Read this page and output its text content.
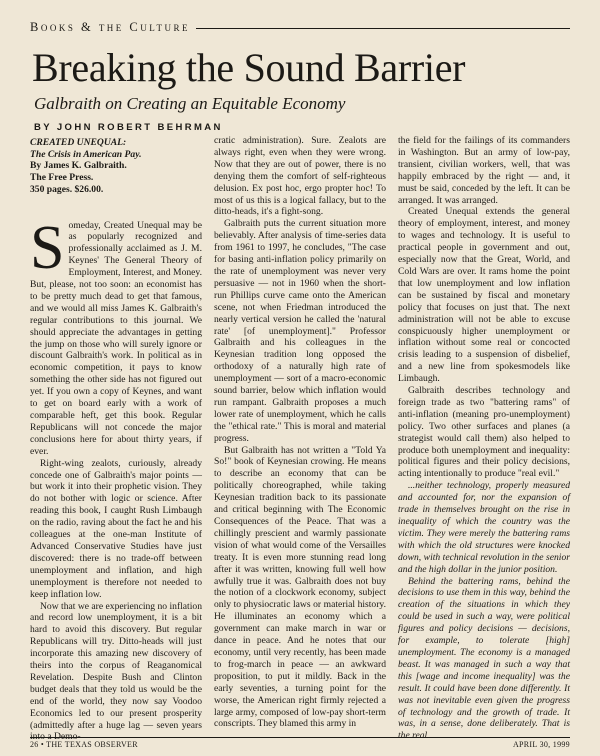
Books & the Culture
Breaking the Sound Barrier
Galbraith on Creating an Equitable Economy
BY JOHN ROBERT BEHRMAN
CREATED UNEQUAL:
The Crisis in American Pay.
By James K. Galbraith.
The Free Press.
350 pages. $26.00.
S omeday, Created Unequal may be as popularly recognized and professionally acclaimed as J. M. Keynes' The General Theory of Employment, Interest, and Money. But, please, not too soon: an economist has to be pretty much dead to get that famous, and we would all miss James K. Galbraith's regular contributions to this journal. We should appreciate the advantages in getting the jump on those who will surely ignore or discount Galbraith's work. In political as in economic competition, it pays to know something the other side has not figured out yet. If you own a copy of Keynes, and want to get on board early with a work of comparable heft, get this book. Regular Republicans will not concede the major conclusions here for about thirty years, if ever.

Right-wing zealots, curiously, already concede one of Galbraith's major points — but work it into their prophetic vision. They do not bother with logic or science. After reading this book, I caught Rush Limbaugh on the radio, raving about the fact he and his colleagues at the one-man Institute of Advanced Conservative Studies have just discovered: there is no trade-off between unemployment and inflation, and high unemployment is therefore not needed to keep inflation low.

Now that we are experiencing no inflation and record low unemployment, it is a bit hard to avoid this discovery. But regular Republicans will try. Ditto-heads will just incorporate this amazing new discovery of theirs into the corpus of Reaganomical Revelation. Despite Bush and Clinton budget deals that they told us would be the end of the world, they now say Voodoo Economics led to our present prosperity (admittedly after a huge lag — seven years into a Demo-

cratic administration). Sure. Zealots are always right, even when they were wrong. Now that they are out of power, there is no denying them the comfort of self-righteous delusion. Ex post hoc, ergo propter hoc! To most of us this is a logical fallacy, but to the ditto-heads, it's a fight-song.

Galbraith puts the current situation more believably. After analysis of time-series data from 1961 to 1997, he concludes, "The case for basing anti-inflation policy primarily on the rate of unemployment was never very persuasive — not in 1960 when the short-run Phillips curve came onto the American scene, not when Friedman introduced the nearly vertical version he called the 'natural rate' [of unemployment]." Professor Galbraith and his colleagues in the Keynesian tradition long opposed the orthodoxy of a naturally high rate of unemployment — sort of a macro-economic sound barrier, below which inflation would run rampant. Galbraith proposes a much lower rate of unemployment, which he calls the "ethical rate." This is moral and material progress.

But Galbraith has not written a "Told Ya So!" book of Keynesian crowing. He means to describe an economy that can be politically choreographed, while taking Keynesian tradition back to its passionate and critical beginning with The Economic Consequences of the Peace. That was a chillingly prescient and warmly passionate vision of what would come of the Versailles treaty. It is even more stunning read long after it was written, knowing full well how awfully true it was. Galbraith does not buy the notion of a clockwork economy, subject only to physiocratic laws or material history. He illuminates an economy which a government can make march in war or dance in peace. And he notes that our economy, until very recently, has been made to frog-march in peace — an awkward proposition, to put it mildly. Back in the early seventies, a turning point for the worse, the American right firmly rejected a large army, composed of low-pay short-term conscripts. They blamed this army in

the field for the failings of its commanders in Washington. But an army of low-pay, transient, civilian workers, well, that was happily embraced by the right — and, it must be said, conceded by the left. It can be arranged. It was arranged.

Created Unequal extends the general theory of employment, interest, and money to wages and technology. It is useful to practical people in government and out, especially now that the Great, World, and Cold Wars are over. It rams home the point that low unemployment and low inflation can be sustained by fiscal and monetary policy that focuses on just that. The next administration will not be able to excuse conspicuously higher unemployment or inflation without some real or concocted crisis leading to a suspension of disbelief, and a new line from spokesmodels like Limbaugh.

Galbraith describes technology and foreign trade as two "battering rams" of anti-inflation (meaning pro-unemployment) policy. Two other surfaces and planes (a strategist would call them) also helped to produce both unemployment and inequality: political figures and their policy decisions, acting intentionally to produce "real evil."

...neither technology, properly measured and accounted for, nor the expansion of trade in themselves brought on the rise in inequality of which the country was the victim. They were merely the battering rams with which the old structures were knocked down, with technical revolution in the senior and the high dollar in the junior position.

Behind the battering rams, behind the decisions to use them in this way, behind the creation of the situations in which they could be used in such a way, were political figures and policy decisions — decisions, for example, to tolerate [high] unemployment. The economy is a managed beast. It was managed in such a way that this [wage and income inequality] was the result. It could have been done differently. It was not inevitable even given the progress of technology and the growth of trade. It was, in a sense, done deliberately. That is the real

26 • THE TEXAS OBSERVER	APRIL 30, 1999
